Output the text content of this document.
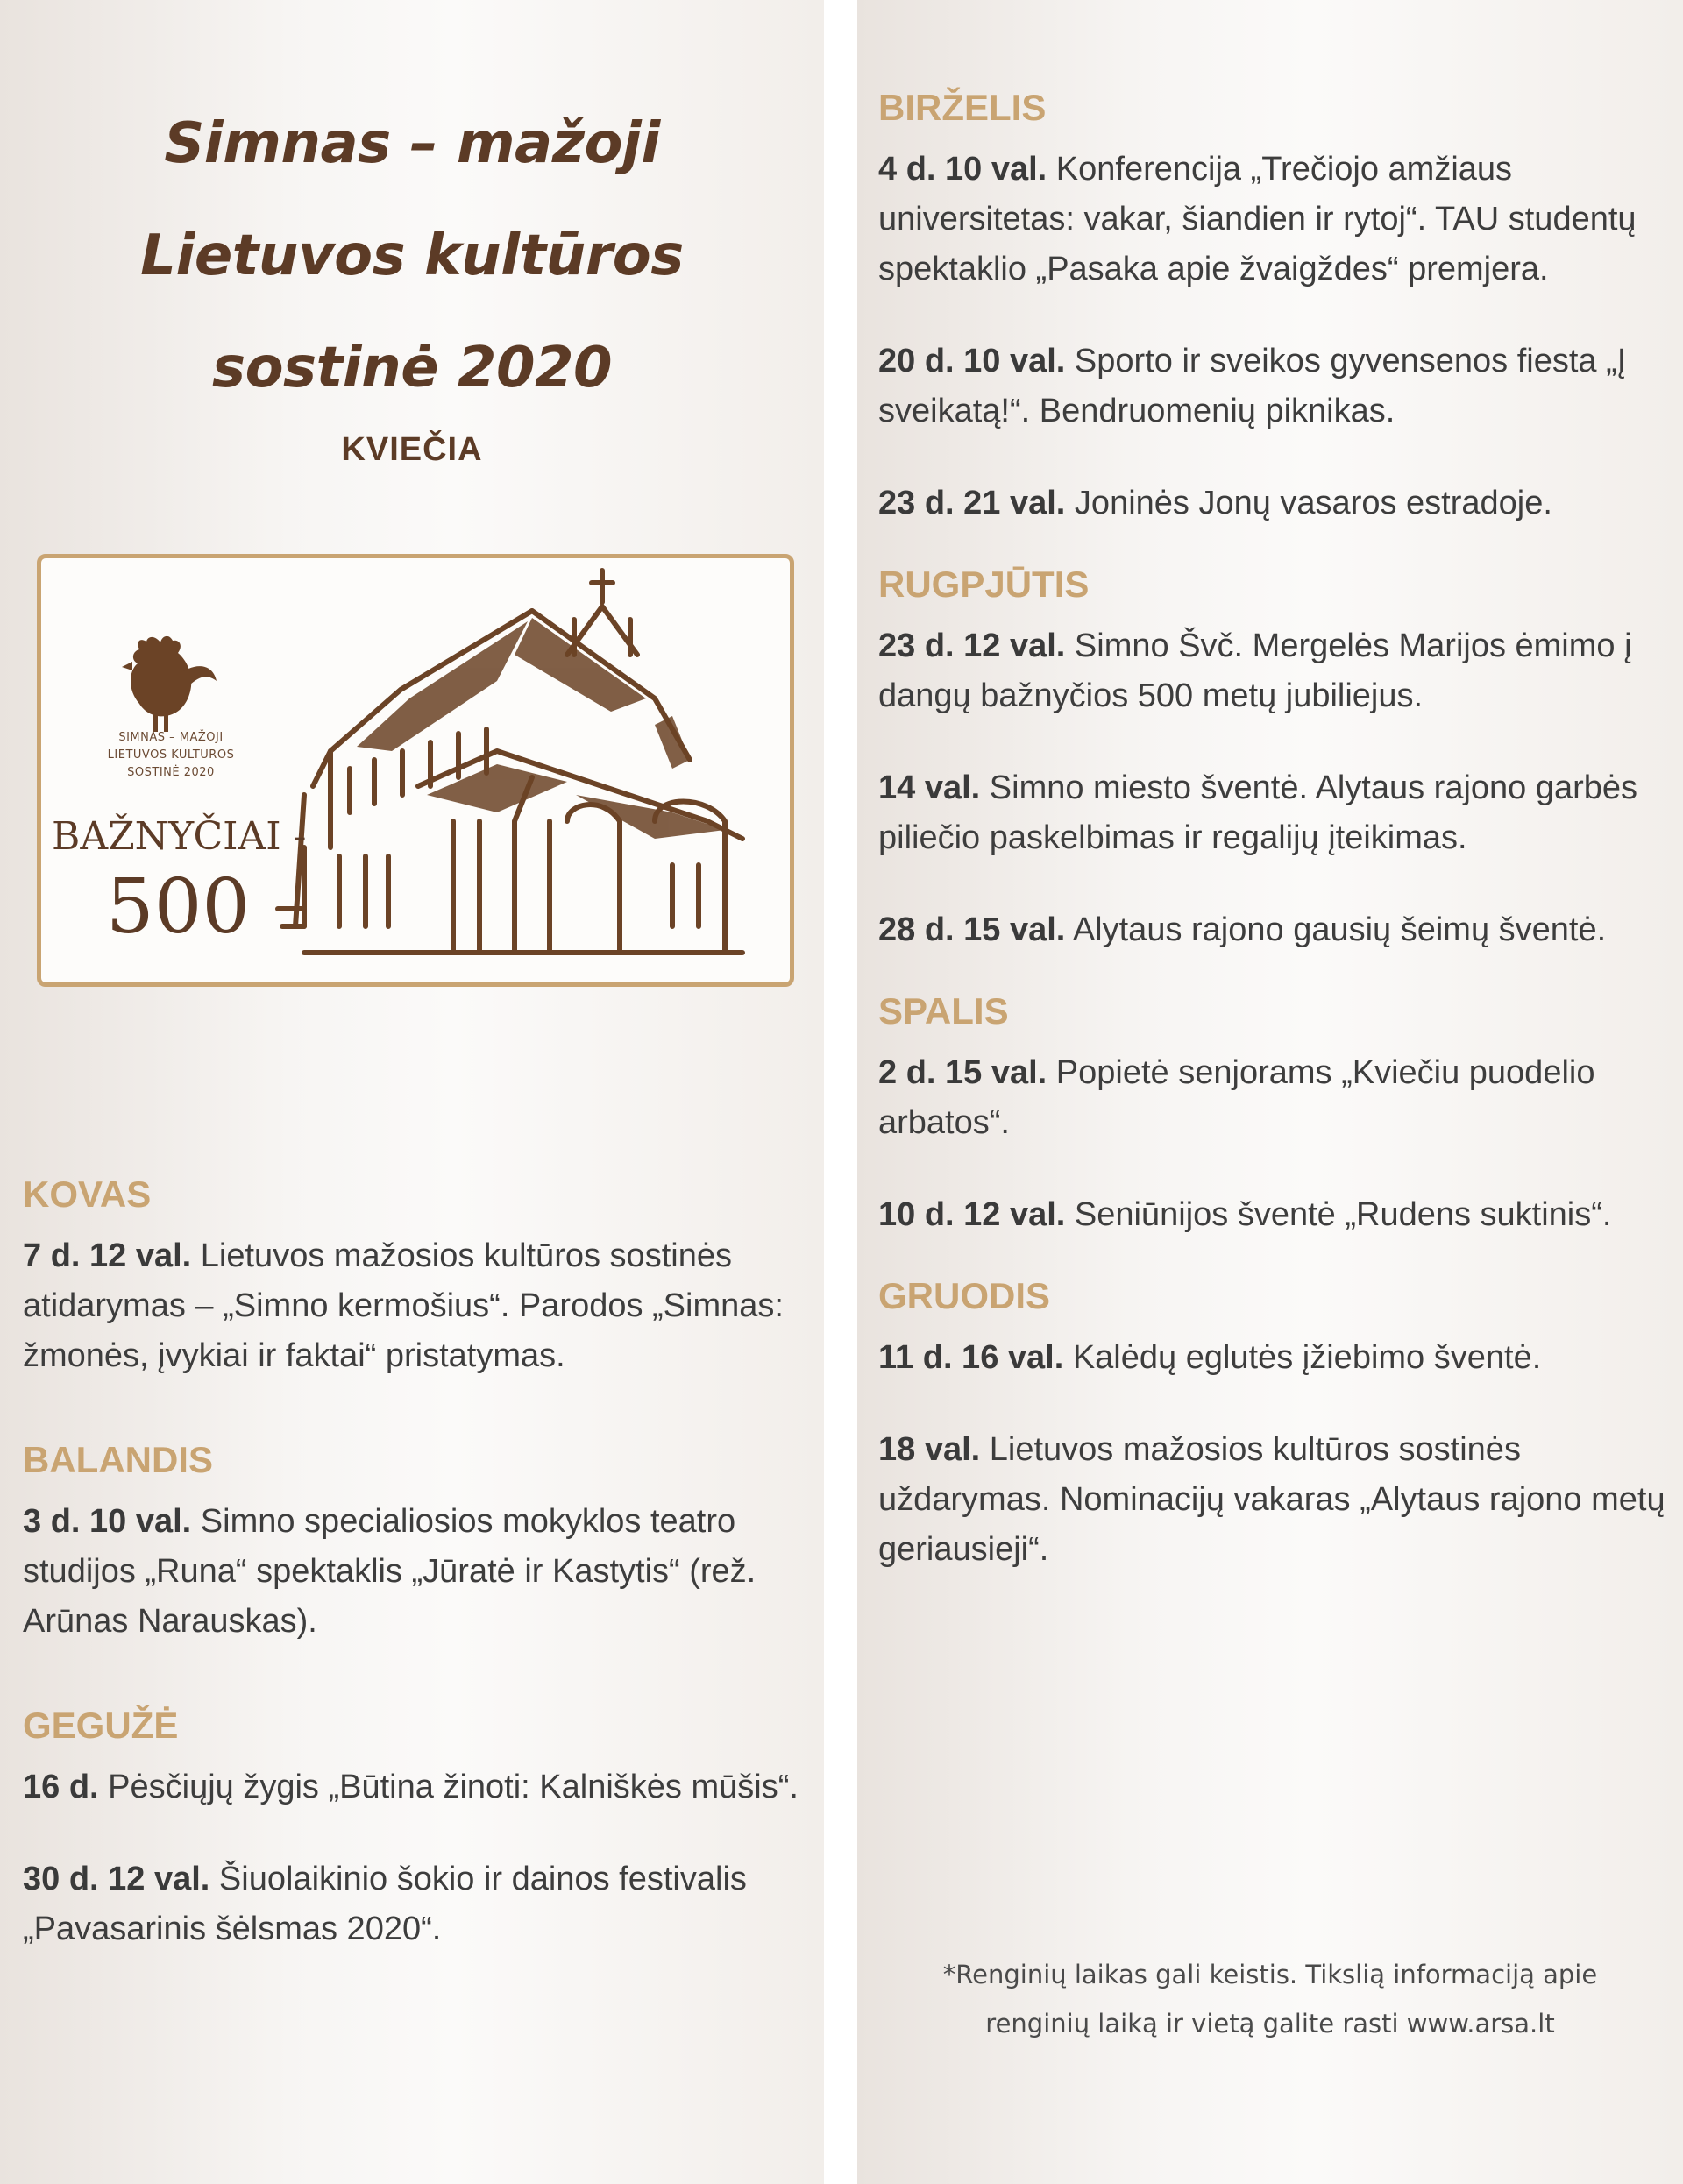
Simnas – mažoji
Lietuvos kultūros
sostinė 2020
KVIEČIA
SIMNAS – MAŽOJI
LIETUVOS KULTŪROS
SOSTINĖ 2020
BAŽNYČIAI -
500
KOVAS

7 d. 12 val. Lietuvos mažosios kultūros sostinės atidarymas – „Simno kermošius“. Parodos „Simnas: žmonės, įvykiai ir faktai“ pristatymas.

BALANDIS

3 d. 10 val. Simno specialiosios mokyklos teatro studijos „Runa“ spektaklis „Jūratė ir Kastytis“ (rež. Arūnas Narauskas).

GEGUŽĖ

16 d. Pėsčiųjų žygis „Būtina žinoti: Kalniškės mūšis“.

30 d. 12 val. Šiuolaikinio šokio ir dainos festivalis „Pavasarinis šėlsmas 2020“.

BIRŽELIS

4 d. 10 val. Konferencija „Trečiojo amžiaus universitetas: vakar, šiandien ir rytoj“. TAU studentų spektaklio „Pasaka apie žvaigždes“ premjera.

20 d. 10 val. Sporto ir sveikos gyvensenos fiesta „Į sveikatą!“. Bendruomenių piknikas.

23 d. 21 val. Joninės Jonų vasaros estradoje.

RUGPJŪTIS

23 d. 12 val. Simno Švč. Mergelės Marijos ėmimo į dangų bažnyčios 500 metų jubiliejus.

14 val. Simno miesto šventė. Alytaus rajono garbės piliečio paskelbimas ir regalijų įteikimas.

28 d. 15 val. Alytaus rajono gausių šeimų šventė.

SPALIS

2 d. 15 val. Popietė senjorams „Kviečiu puodelio arbatos“.

10 d. 12 val. Seniūnijos šventė „Rudens suktinis“.

GRUODIS

11 d. 16 val. Kalėdų eglutės įžiebimo šventė.

18 val. Lietuvos mažosios kultūros sostinės uždarymas. Nominacijų vakaras „Alytaus rajono metų geriausieji“.

*Renginių laikas gali keistis. Tikslią informaciją apie
renginių laiką ir vietą galite rasti www.arsa.lt
